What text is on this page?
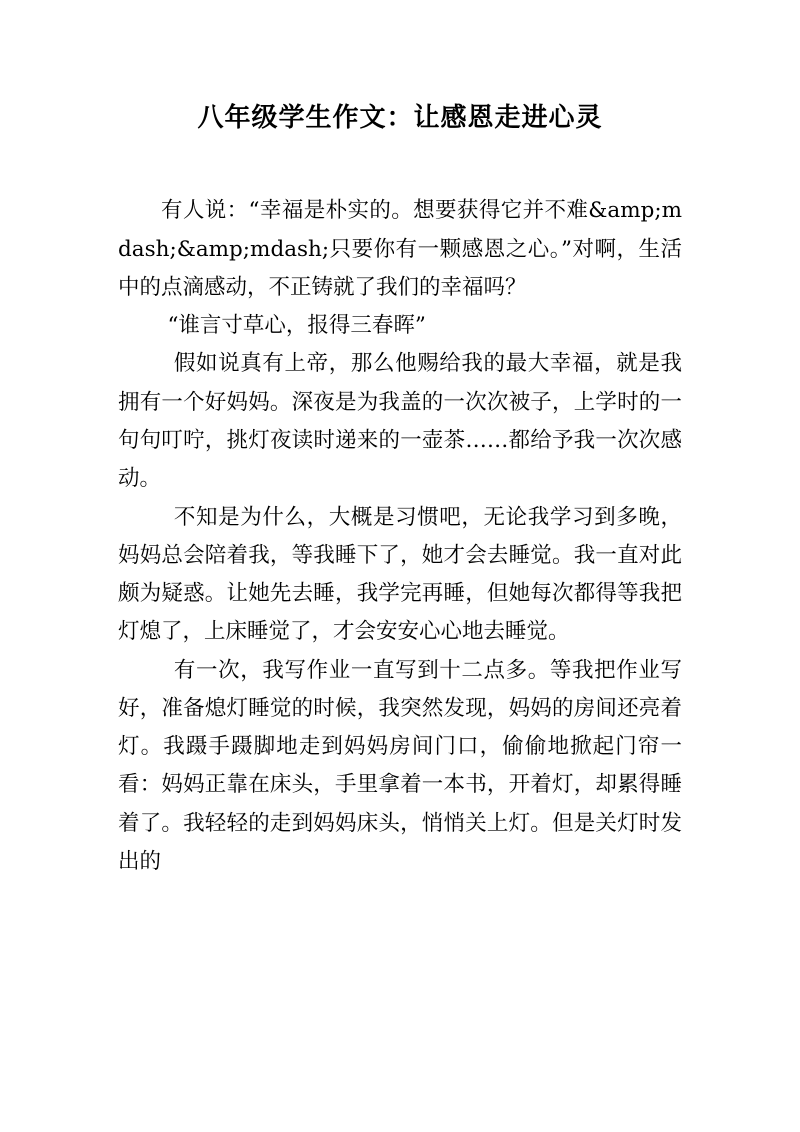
八年级学生作文：让感恩走进心灵

有人说：“幸福是朴实的。想要获得它并不难&amp;mdash;&amp;mdash;只要你有一颗感恩之心。”对啊，生活中的点滴感动，不正铸就了我们的幸福吗？

“谁言寸草心，报得三春晖”

假如说真有上帝，那么他赐给我的最大幸福，就是我拥有一个好妈妈。深夜是为我盖的一次次被子，上学时的一句句叮咛，挑灯夜读时递来的一壶茶……都给予我一次次感动。

不知是为什么，大概是习惯吧，无论我学习到多晚，妈妈总会陪着我，等我睡下了，她才会去睡觉。我一直对此颇为疑惑。让她先去睡，我学完再睡，但她每次都得等我把灯熄了，上床睡觉了，才会安安心心地去睡觉。

有一次，我写作业一直写到十二点多。等我把作业写好，准备熄灯睡觉的时候，我突然发现，妈妈的房间还亮着灯。我蹑手蹑脚地走到妈妈房间门口，偷偷地掀起门帘一看：妈妈正靠在床头，手里拿着一本书，开着灯，却累得睡着了。我轻轻的走到妈妈床头，悄悄关上灯。但是关灯时发出的
